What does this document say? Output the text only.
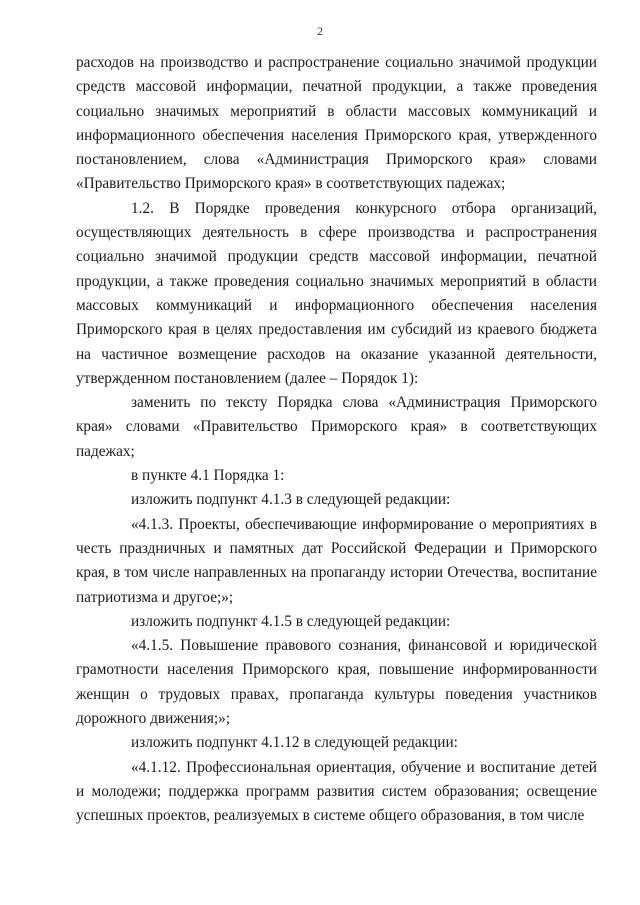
2

расходов на производство и распространение социально значимой продукции средств массовой информации, печатной продукции, а также проведения социально значимых мероприятий в области массовых коммуникаций и информационного обеспечения населения Приморского края, утвержденного постановлением, слова «Администрация Приморского края» словами «Правительство Приморского края» в соответствующих падежах;

1.2. В Порядке проведения конкурсного отбора организаций, осуществляющих деятельность в сфере производства и распространения социально значимой продукции средств массовой информации, печатной продукции, а также проведения социально значимых мероприятий в области массовых коммуникаций и информационного обеспечения населения Приморского края в целях предоставления им субсидий из краевого бюджета на частичное возмещение расходов на оказание указанной деятельности, утвержденном постановлением (далее – Порядок 1):

заменить по тексту Порядка слова «Администрация Приморского края» словами «Правительство Приморского края» в соответствующих падежах;

в пункте 4.1 Порядка 1:

изложить подпункт 4.1.3 в следующей редакции:

«4.1.3. Проекты, обеспечивающие информирование о мероприятиях в честь праздничных и памятных дат Российской Федерации и Приморского края, в том числе направленных на пропаганду истории Отечества, воспитание патриотизма и другое;»;

изложить подпункт 4.1.5 в следующей редакции:

«4.1.5. Повышение правового сознания, финансовой и юридической грамотности населения Приморского края, повышение информированности женщин о трудовых правах, пропаганда культуры поведения участников дорожного движения;»;

изложить подпункт 4.1.12 в следующей редакции:

«4.1.12. Профессиональная ориентация, обучение и воспитание детей и молодежи; поддержка программ развития систем образования; освещение успешных проектов, реализуемых в системе общего образования, в том числе
